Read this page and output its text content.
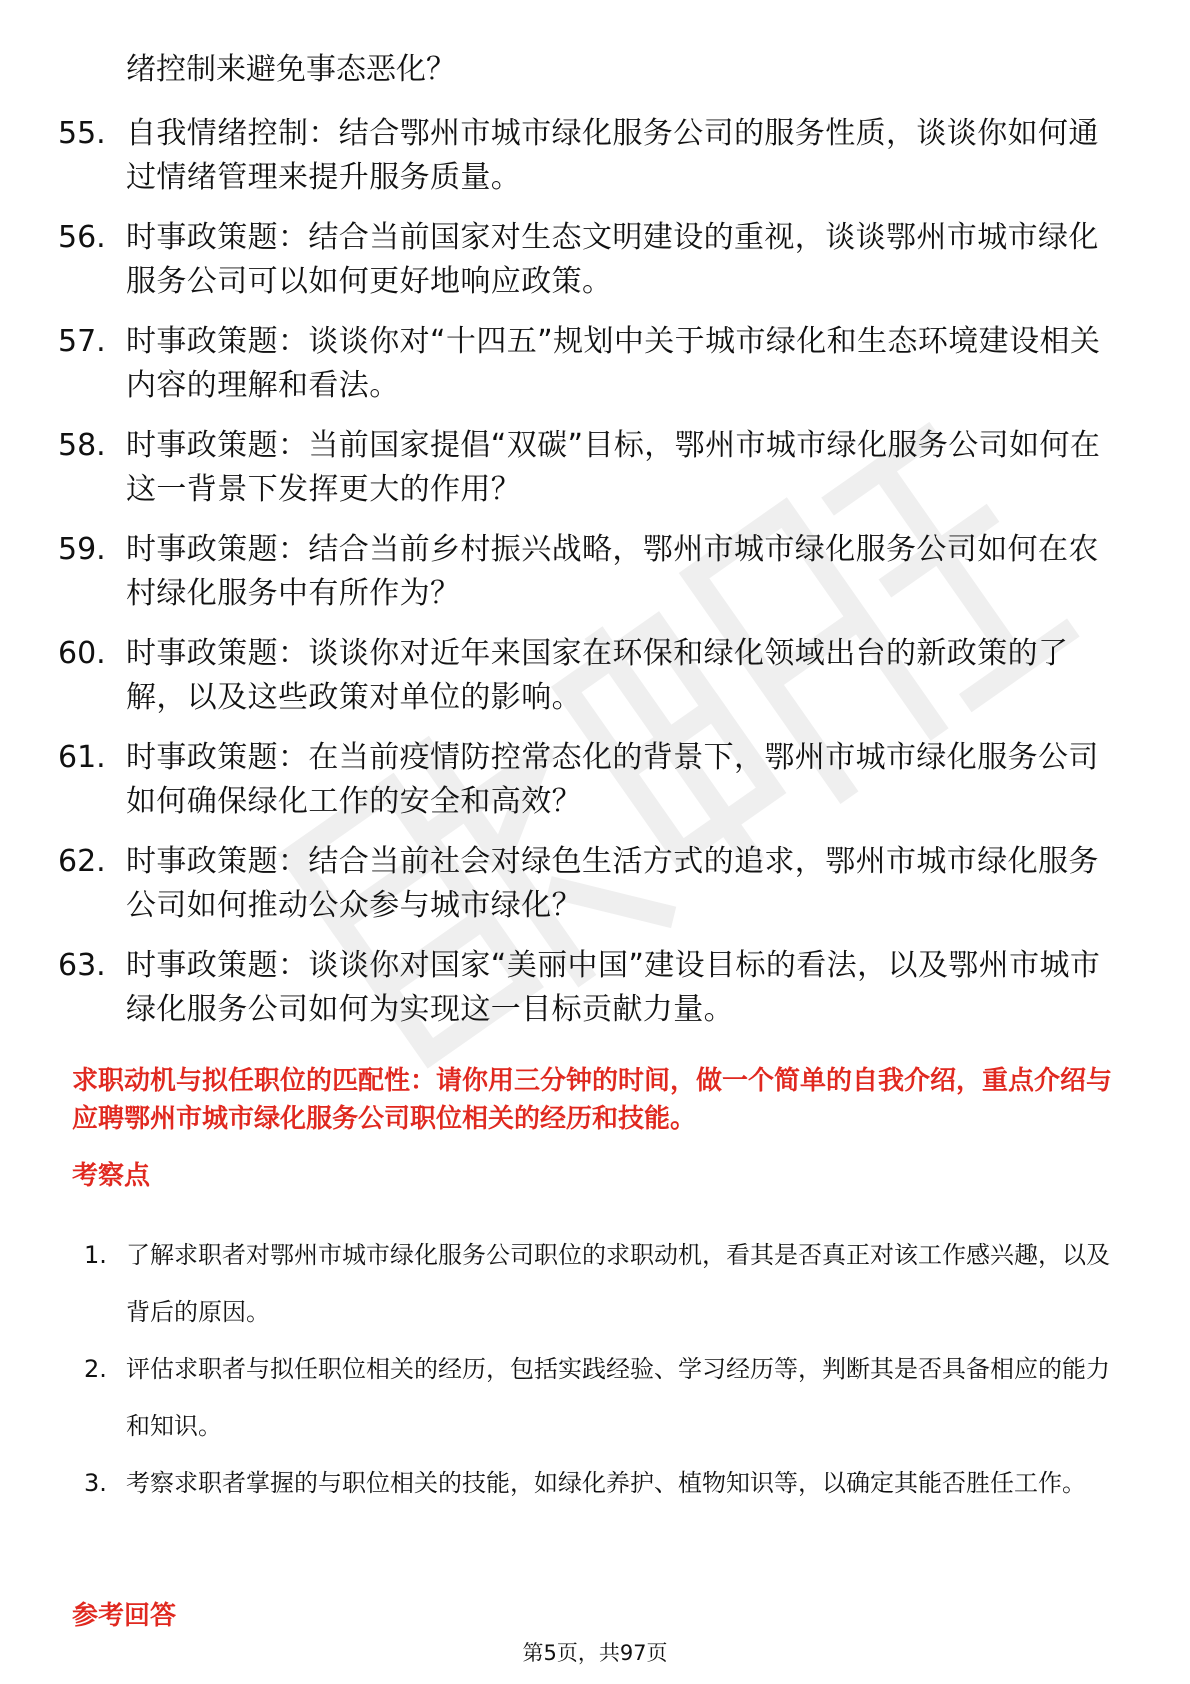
绪控制来避免事态恶化？
55. 自我情绪控制：结合鄂州市城市绿化服务公司的服务性质，谈谈你如何通过情绪管理来提升服务质量。
56. 时事政策题：结合当前国家对生态文明建设的重视，谈谈鄂州市城市绿化服务公司可以如何更好地响应政策。
57. 时事政策题：谈谈你对“十四五”规划中关于城市绿化和生态环境建设相关内容的理解和看法。
58. 时事政策题：当前国家提倡“双碳”目标，鄂州市城市绿化服务公司如何在这一背景下发挥更大的作用？
59. 时事政策题：结合当前乡村振兴战略，鄂州市城市绿化服务公司如何在农村绿化服务中有所作为？
60. 时事政策题：谈谈你对近年来国家在环保和绿化领域出台的新政策的了解，以及这些政策对单位的影响。
61. 时事政策题：在当前疫情防控常态化的背景下，鄂州市城市绿化服务公司如何确保绿化工作的安全和高效？
62. 时事政策题：结合当前社会对绿色生活方式的追求，鄂州市城市绿化服务公司如何推动公众参与城市绿化？
63. 时事政策题：谈谈你对国家“美丽中国”建设目标的看法，以及鄂州市城市绿化服务公司如何为实现这一目标贡献力量。
求职动机与拟任职位的匹配性：请你用三分钟的时间，做一个简单的自我介绍，重点介绍与应聘鄂州市城市绿化服务公司职位相关的经历和技能。
考察点
1. 了解求职者对鄂州市城市绿化服务公司职位的求职动机，看其是否真正对该工作感兴趣，以及背后的原因。
2. 评估求职者与拟任职位相关的经历，包括实践经验、学习经历等，判断其是否具备相应的能力和知识。
3. 考察求职者掌握的与职位相关的技能，如绿化养护、植物知识等，以确定其能否胜任工作。
参考回答
第5页，共97页
